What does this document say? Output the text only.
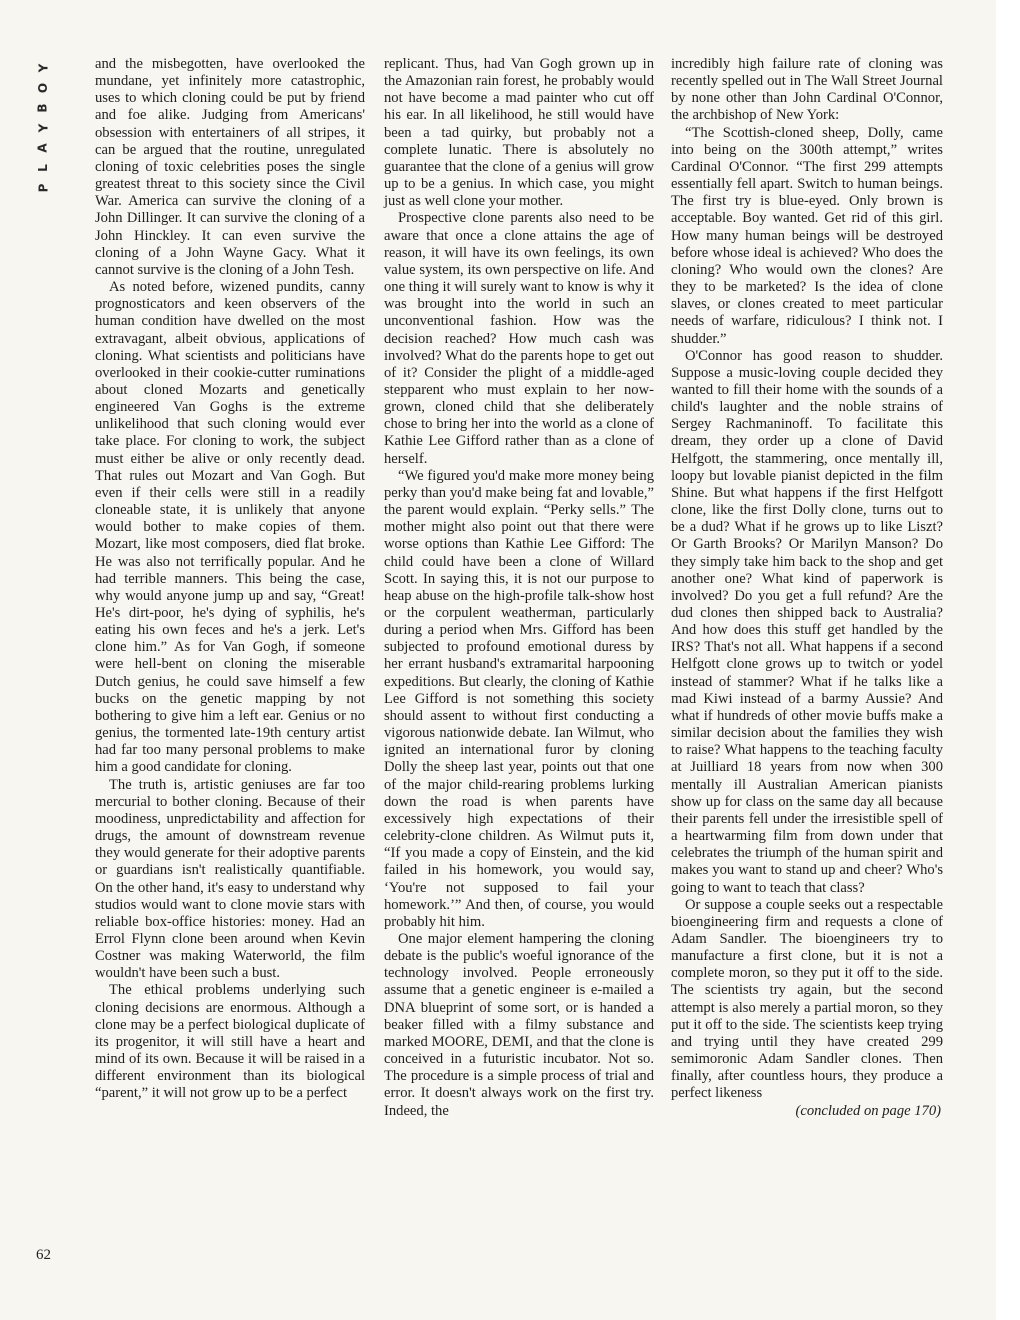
Y
O
B
Y
A
L
P

and the misbegotten, have overlooked the mundane, yet infinitely more catastrophic, uses to which cloning could be put by friend and foe alike. Judging from Americans' obsession with entertainers of all stripes, it can be argued that the routine, unregulated cloning of toxic celebrities poses the single greatest threat to this society since the Civil War. America can survive the cloning of a John Dillinger. It can survive the cloning of a John Hinckley. It can even survive the cloning of a John Wayne Gacy. What it cannot survive is the cloning of a John Tesh.

As noted before, wizened pundits, canny prognosticators and keen observers of the human condition have dwelled on the most extravagant, albeit obvious, applications of cloning. What scientists and politicians have overlooked in their cookie-cutter ruminations about cloned Mozarts and genetically engineered Van Goghs is the extreme unlikelihood that such cloning would ever take place. For cloning to work, the subject must either be alive or only recently dead. That rules out Mozart and Van Gogh. But even if their cells were still in a readily cloneable state, it is unlikely that anyone would bother to make copies of them. Mozart, like most composers, died flat broke. He was also not terrifically popular. And he had terrible manners. This being the case, why would anyone jump up and say, “Great! He's dirt-poor, he's dying of syphilis, he's eating his own feces and he's a jerk. Let's clone him.” As for Van Gogh, if someone were hell-bent on cloning the miserable Dutch genius, he could save himself a few bucks on the genetic mapping by not bothering to give him a left ear. Genius or no genius, the tormented late-19th century artist had far too many personal problems to make him a good candidate for cloning.

The truth is, artistic geniuses are far too mercurial to bother cloning. Because of their moodiness, unpredictability and affection for drugs, the amount of downstream revenue they would generate for their adoptive parents or guardians isn't realistically quantifiable. On the other hand, it's easy to understand why studios would want to clone movie stars with reliable box-office histories: money. Had an Errol Flynn clone been around when Kevin Costner was making Waterworld, the film wouldn't have been such a bust.

The ethical problems underlying such cloning decisions are enormous. Although a clone may be a perfect biological duplicate of its progenitor, it will still have a heart and mind of its own. Because it will be raised in a different environment than its biological “parent,” it will not grow up to be a perfect

replicant. Thus, had Van Gogh grown up in the Amazonian rain forest, he probably would not have become a mad painter who cut off his ear. In all likelihood, he still would have been a tad quirky, but probably not a complete lunatic. There is absolutely no guarantee that the clone of a genius will grow up to be a genius. In which case, you might just as well clone your mother.

Prospective clone parents also need to be aware that once a clone attains the age of reason, it will have its own feelings, its own value system, its own perspective on life. And one thing it will surely want to know is why it was brought into the world in such an unconventional fashion. How was the decision reached? How much cash was involved? What do the parents hope to get out of it? Consider the plight of a middle-aged stepparent who must explain to her now-grown, cloned child that she deliberately chose to bring her into the world as a clone of Kathie Lee Gifford rather than as a clone of herself.

“We figured you'd make more money being perky than you'd make being fat and lovable,” the parent would explain. “Perky sells.” The mother might also point out that there were worse options than Kathie Lee Gifford: The child could have been a clone of Willard Scott. In saying this, it is not our purpose to heap abuse on the high-profile talk-show host or the corpulent weatherman, particularly during a period when Mrs. Gifford has been subjected to profound emotional duress by her errant husband's extramarital harpooning expeditions. But clearly, the cloning of Kathie Lee Gifford is not something this society should assent to without first conducting a vigorous nationwide debate. Ian Wilmut, who ignited an international furor by cloning Dolly the sheep last year, points out that one of the major child-rearing problems lurking down the road is when parents have excessively high expectations of their celebrity-clone children. As Wilmut puts it, “If you made a copy of Einstein, and the kid failed in his homework, you would say, ‘You're not supposed to fail your homework.’” And then, of course, you would probably hit him.

One major element hampering the cloning debate is the public's woeful ignorance of the technology involved. People erroneously assume that a genetic engineer is e-mailed a DNA blueprint of some sort, or is handed a beaker filled with a filmy substance and marked MOORE, DEMI, and that the clone is conceived in a futuristic incubator. Not so. The procedure is a simple process of trial and error. It doesn't always work on the first try. Indeed, the

incredibly high failure rate of cloning was recently spelled out in The Wall Street Journal by none other than John Cardinal O'Connor, the archbishop of New York:

“The Scottish-cloned sheep, Dolly, came into being on the 300th attempt,” writes Cardinal O'Connor. “The first 299 attempts essentially fell apart. Switch to human beings. The first try is blue-eyed. Only brown is acceptable. Boy wanted. Get rid of this girl. How many human beings will be destroyed before whose ideal is achieved? Who does the cloning? Who would own the clones? Are they to be marketed? Is the idea of clone slaves, or clones created to meet particular needs of warfare, ridiculous? I think not. I shudder.”

O'Connor has good reason to shudder. Suppose a music-loving couple decided they wanted to fill their home with the sounds of a child's laughter and the noble strains of Sergey Rachmaninoff. To facilitate this dream, they order up a clone of David Helfgott, the stammering, once mentally ill, loopy but lovable pianist depicted in the film Shine. But what happens if the first Helfgott clone, like the first Dolly clone, turns out to be a dud? What if he grows up to like Liszt? Or Garth Brooks? Or Marilyn Manson? Do they simply take him back to the shop and get another one? What kind of paperwork is involved? Do you get a full refund? Are the dud clones then shipped back to Australia? And how does this stuff get handled by the IRS? That's not all. What happens if a second Helfgott clone grows up to twitch or yodel instead of stammer? What if he talks like a mad Kiwi instead of a barmy Aussie? And what if hundreds of other movie buffs make a similar decision about the families they wish to raise? What happens to the teaching faculty at Juilliard 18 years from now when 300 mentally ill Australian American pianists show up for class on the same day all because their parents fell under the irresistible spell of a heartwarming film from down under that celebrates the triumph of the human spirit and makes you want to stand up and cheer? Who's going to want to teach that class?

Or suppose a couple seeks out a respectable bioengineering firm and requests a clone of Adam Sandler. The bioengineers try to manufacture a first clone, but it is not a complete moron, so they put it off to the side. The scientists try again, but the second attempt is also merely a partial moron, so they put it off to the side. The scientists keep trying and trying until they have created 299 semimoronic Adam Sandler clones. Then finally, after countless hours, they produce a perfect likeness

(concluded on page 170)

62
